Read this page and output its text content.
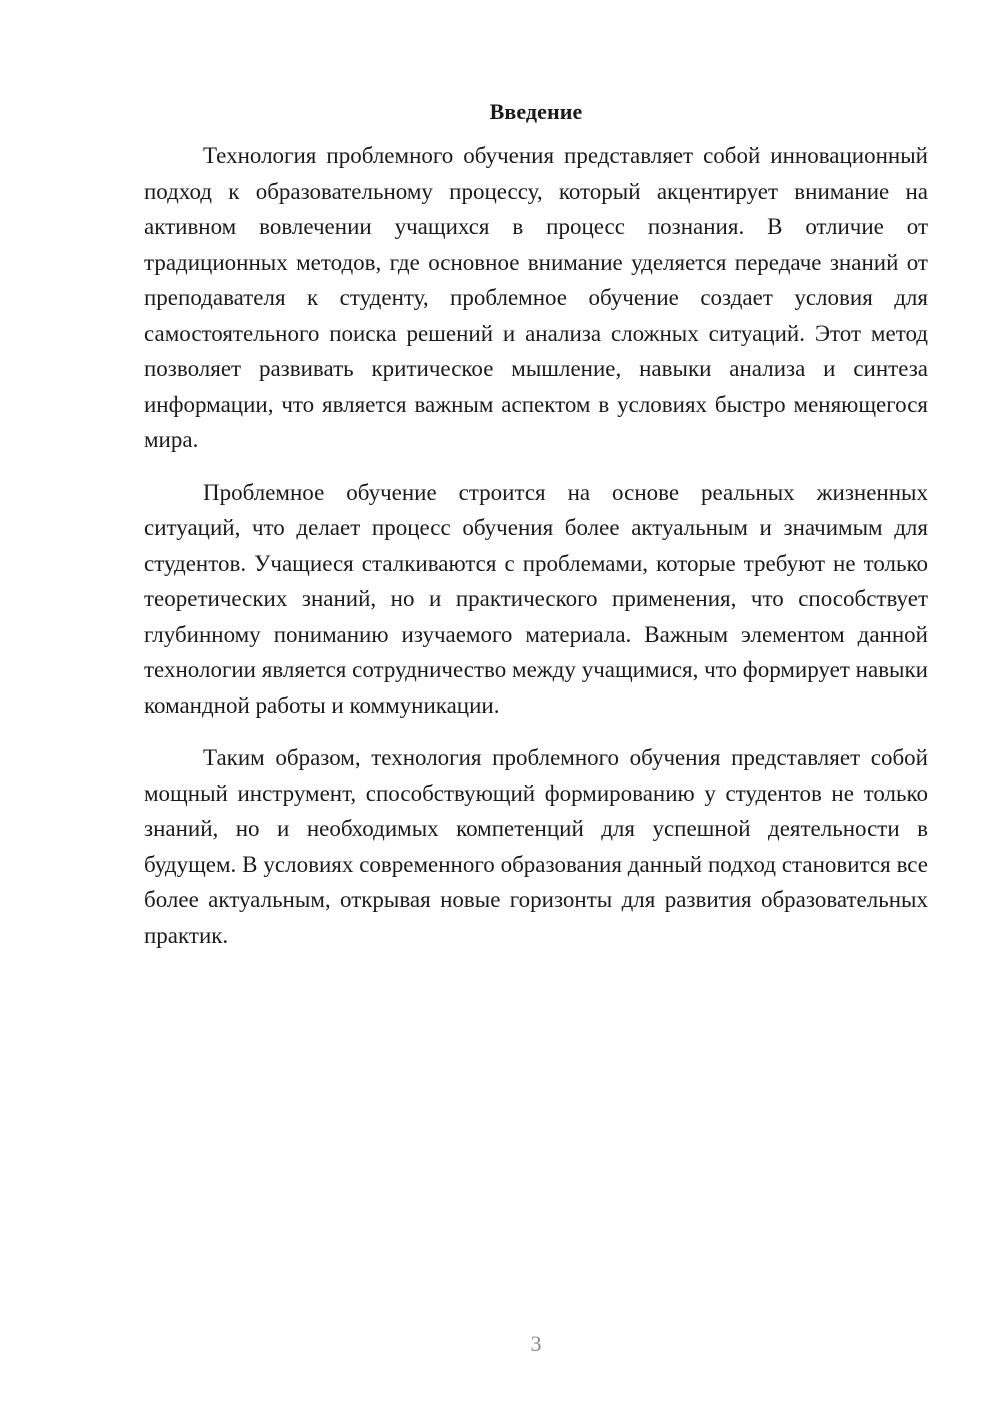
Введение

Технология проблемного обучения представляет собой инновационный подход к образовательному процессу, который акцентирует внимание на активном вовлечении учащихся в процесс познания. В отличие от традиционных методов, где основное внимание уделяется передаче знаний от преподавателя к студенту, проблемное обучение создает условия для самостоятельного поиска решений и анализа сложных ситуаций. Этот метод позволяет развивать критическое мышление, навыки анализа и синтеза информации, что является важным аспектом в условиях быстро меняющегося мира.

Проблемное обучение строится на основе реальных жизненных ситуаций, что делает процесс обучения более актуальным и значимым для студентов. Учащиеся сталкиваются с проблемами, которые требуют не только теоретических знаний, но и практического применения, что способствует глубинному пониманию изучаемого материала. Важным элементом данной технологии является сотрудничество между учащимися, что формирует навыки командной работы и коммуникации.

Таким образом, технология проблемного обучения представляет собой мощный инструмент, способствующий формированию у студентов не только знаний, но и необходимых компетенций для успешной деятельности в будущем. В условиях современного образования данный подход становится все более актуальным, открывая новые горизонты для развития образовательных практик.

3
